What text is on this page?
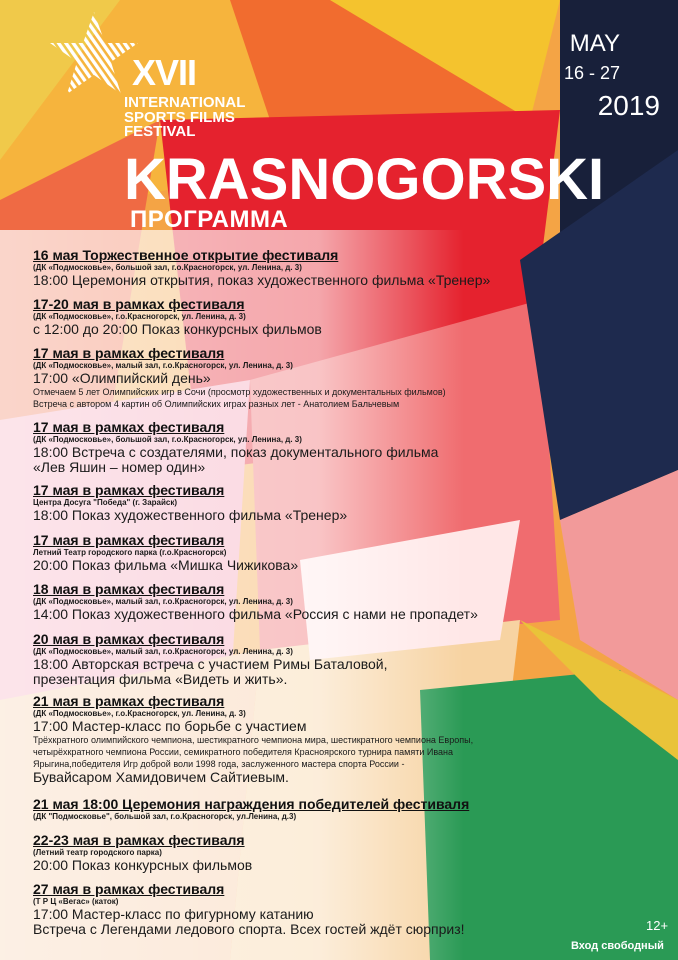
XVII
INTERNATIONAL
SPORTS FILMS
FESTIVAL
KRASNOGORSKI
ПРОГРАММА
MAY
16 - 27
2019
16 мая Торжественное открытие фестиваля
(ДК «Подмосковье», большой зал, г.о.Красногорск, ул. Ленина, д. 3)
18:00 Церемония открытия, показ художественного фильма «Тренер»
17-20 мая в рамках фестиваля
(ДК «Подмосковье», г.о.Красногорск, ул. Ленина, д. 3)
с 12:00 до 20:00 Показ конкурсных фильмов
17 мая в рамках фестиваля
(ДК «Подмосковье», малый зал, г.о.Красногорск, ул. Ленина, д. 3)
17:00 «Олимпийский день»
Отмечаем 5 лет Олимпийских игр в Сочи (просмотр художественных и документальных фильмов)
Встреча с автором 4 картин об Олимпийских играх разных лет - Анатолием Бальчевым
17 мая в рамках фестиваля
(ДК «Подмосковье», большой зал, г.о.Красногорск, ул. Ленина, д. 3)
18:00 Встреча с создателями, показ документального фильма
«Лев Яшин – номер один»
17 мая в рамках фестиваля
Центра Досуга "Победа" (г. Зарайск)
18:00 Показ художественного фильма «Тренер»
17 мая в рамках фестиваля
Летний Театр городского парка (г.о.Красногорск)
20:00 Показ фильма «Мишка Чижикова»
18 мая в рамках фестиваля
(ДК «Подмосковье», малый зал, г.о.Красногорск, ул. Ленина, д. 3)
14:00 Показ художественного фильма «Россия с нами не пропадет»
20 мая в рамках фестиваля
(ДК «Подмосковье», малый зал, г.о.Красногорск, ул. Ленина, д. 3)
18:00 Авторская встреча с участием Римы Баталовой,
презентация фильма «Видеть и жить».
21 мая в рамках фестиваля
(ДК «Подмосковье», г.о.Красногорск, ул. Ленина, д. 3)
17:00 Мастер-класс по борьбе с участием
Трёхкратного олимпийского чемпиона, шестикратного чемпиона мира, шестикратного чемпиона Европы,
четырёхкратного чемпиона России, семикратного победителя Красноярского турнира памяти Ивана
Ярыгина,победителя Игр доброй воли 1998 года, заслуженного мастера спорта России -
Бувайсаром Хамидовичем Сайтиевым.
21 мая 18:00 Церемония награждения победителей фестиваля
(ДК "Подмосковье", большой зал, г.о.Красногорск, ул.Ленина, д.3)
22-23 мая в рамках фестиваля
(Летний театр городского парка)
20:00 Показ конкурсных фильмов
27 мая в рамках фестиваля
(Т Р Ц «Вегас» (каток)
17:00 Мастер-класс по фигурному катанию
Встреча с Легендами ледового спорта. Всех гостей ждёт сюрприз!	12+
Вход свободный
